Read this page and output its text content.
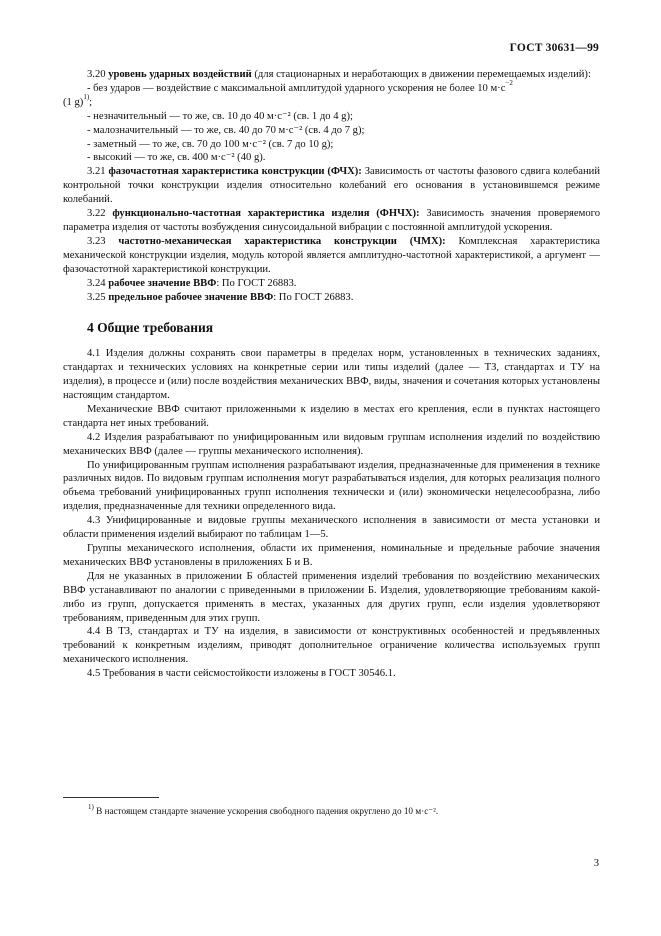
ГОСТ 30631—99

3.20 уровень ударных воздействий (для стационарных и неработающих в движении перемещаемых изделий):

- без ударов — воздействие с максимальной амплитудой ударного ускорения не более 10 $м\cdot с^{-2}$

(1 g)$^{1)}$;

- незначительный — то же, св. 10 до 40 м·с⁻² (св. 1 до 4 g);

- малозначительный — то же, св. 40 до 70 м·с⁻² (св. 4 до 7 g);

- заметный — то же, св. 70 до 100 м·с⁻² (св. 7 до 10 g);

- высокий — то же, св. 400 м·с⁻² (40 g).

3.21 фазочастотная характеристика конструкции (ФЧХ): Зависимость от частоты фазового сдвига колебаний контрольной точки конструкции изделия относительно колебаний его основания в установившемся режиме колебаний.

3.22 функционально-частотная характеристика изделия (ФНЧХ): Зависимость значения проверяемого параметра изделия от частоты возбуждения синусоидальной вибрации с постоянной амплитудой ускорения.

3.23 частотно-механическая характеристика конструкции (ЧМХ): Комплексная характеристика механической конструкции изделия, модуль которой является амплитудно-частотной характеристикой, а аргумент — фазочастотной характеристикой конструкции.

3.24 рабочее значение ВВФ: По ГОСТ 26883.

3.25 предельное рабочее значение ВВФ: По ГОСТ 26883.

4 Общие требования

4.1 Изделия должны сохранять свои параметры в пределах норм, установленных в технических заданиях, стандартах и технических условиях на конкретные серии или типы изделий (далее — ТЗ, стандартах и ТУ на изделия), в процессе и (или) после воздействия механических ВВФ, виды, значения и сочетания которых установлены настоящим стандартом.

Механические ВВФ считают приложенными к изделию в местах его крепления, если в пунктах настоящего стандарта нет иных требований.

4.2 Изделия разрабатывают по унифицированным или видовым группам исполнения изделий по воздействию механических ВВФ (далее — группы механического исполнения).

По унифицированным группам исполнения разрабатывают изделия, предназначенные для применения в технике различных видов. По видовым группам исполнения могут разрабатываться изделия, для которых реализация полного объема требований унифицированных групп исполнения технически и (или) экономически нецелесообразна, либо изделия, предназначенные для техники определенного вида.

4.3 Унифицированные и видовые группы механического исполнения в зависимости от места установки и области применения изделий выбирают по таблицам 1—5.

Группы механического исполнения, области их применения, номинальные и предельные рабочие значения механических ВВФ установлены в приложениях Б и В.

Для не указанных в приложении Б областей применения изделий требования по воздействию механических ВВФ устанавливают по аналогии с приведенными в приложении Б. Изделия, удовлетворяющие требованиям какой-либо из групп, допускается применять в местах, указанных для других групп, если изделия удовлетворяют требованиям, приведенным для этих групп.

4.4 В ТЗ, стандартах и ТУ на изделия, в зависимости от конструктивных особенностей и предъявленных требований к конкретным изделиям, приводят дополнительное ограничение количества используемых групп механического исполнения.

4.5 Требования в части сейсмостойкости изложены в ГОСТ 30546.1.

$^{1)}$ В настоящем стандарте значение ускорения свободного падения округлено до 10 м·с⁻².
3
